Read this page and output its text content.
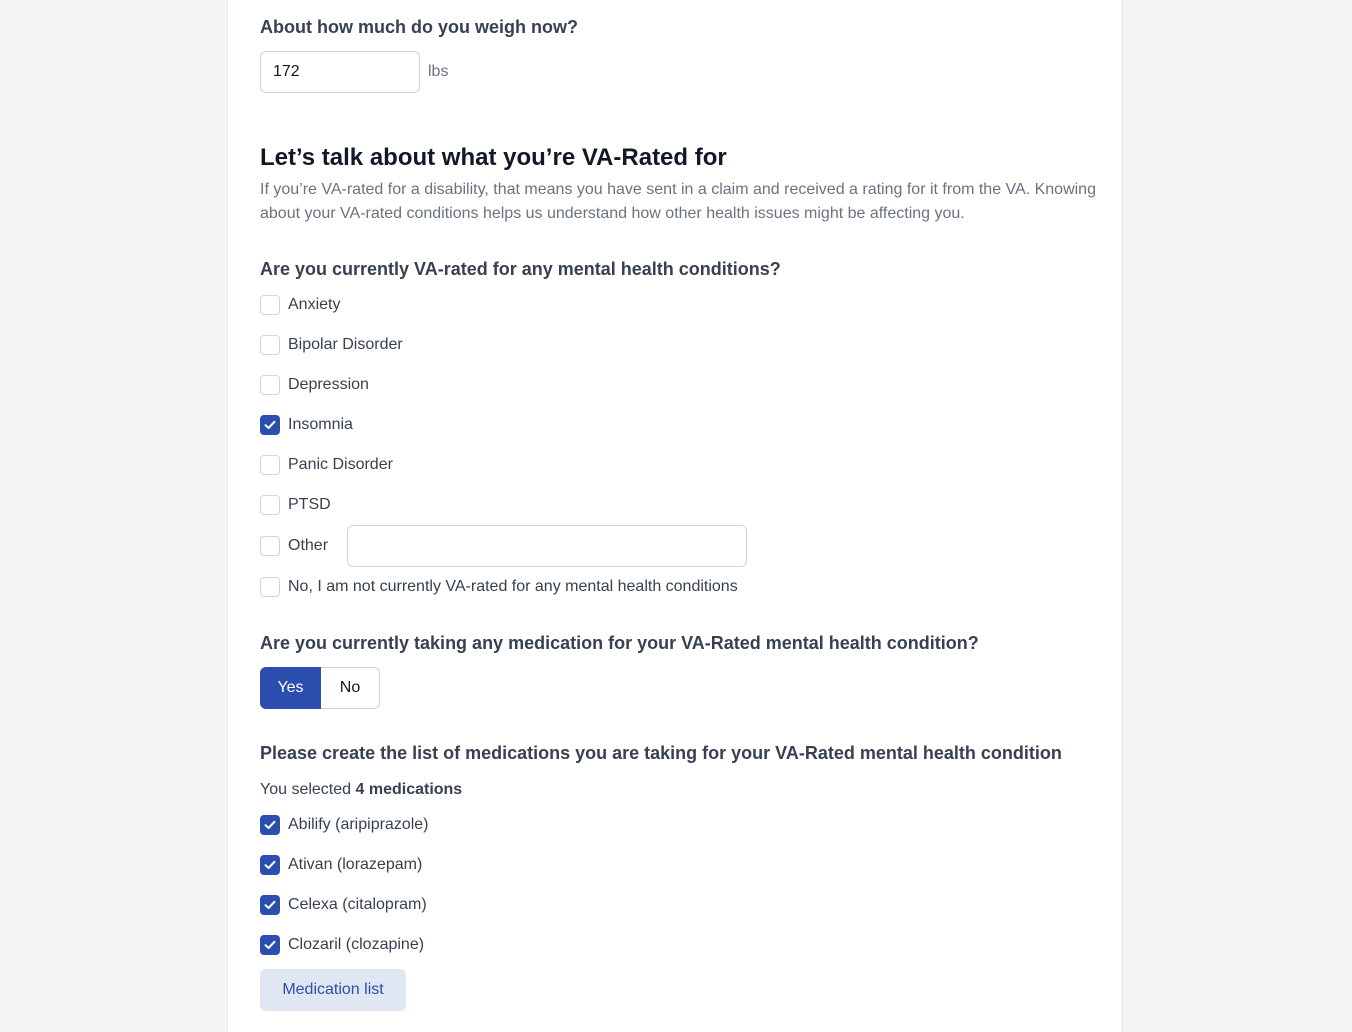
About how much do you weigh now?
172
lbs
Let’s talk about what you’re VA-Rated for
If you’re VA-rated for a disability, that means you have sent in a claim and received a rating for it from the VA. Knowing about your VA-rated conditions helps us understand how other health issues might be affecting you.
Are you currently VA-rated for any mental health conditions?
Anxiety
Bipolar Disorder
Depression
Insomnia
Panic Disorder
PTSD
Other
No, I am not currently VA-rated for any mental health conditions
Are you currently taking any medication for your VA-Rated mental health condition?
Yes	No
Please create the list of medications you are taking for your VA-Rated mental health condition
You selected 4 medications
Abilify (aripiprazole)
Ativan (lorazepam)
Celexa (citalopram)
Clozaril (clozapine)
Medication list
